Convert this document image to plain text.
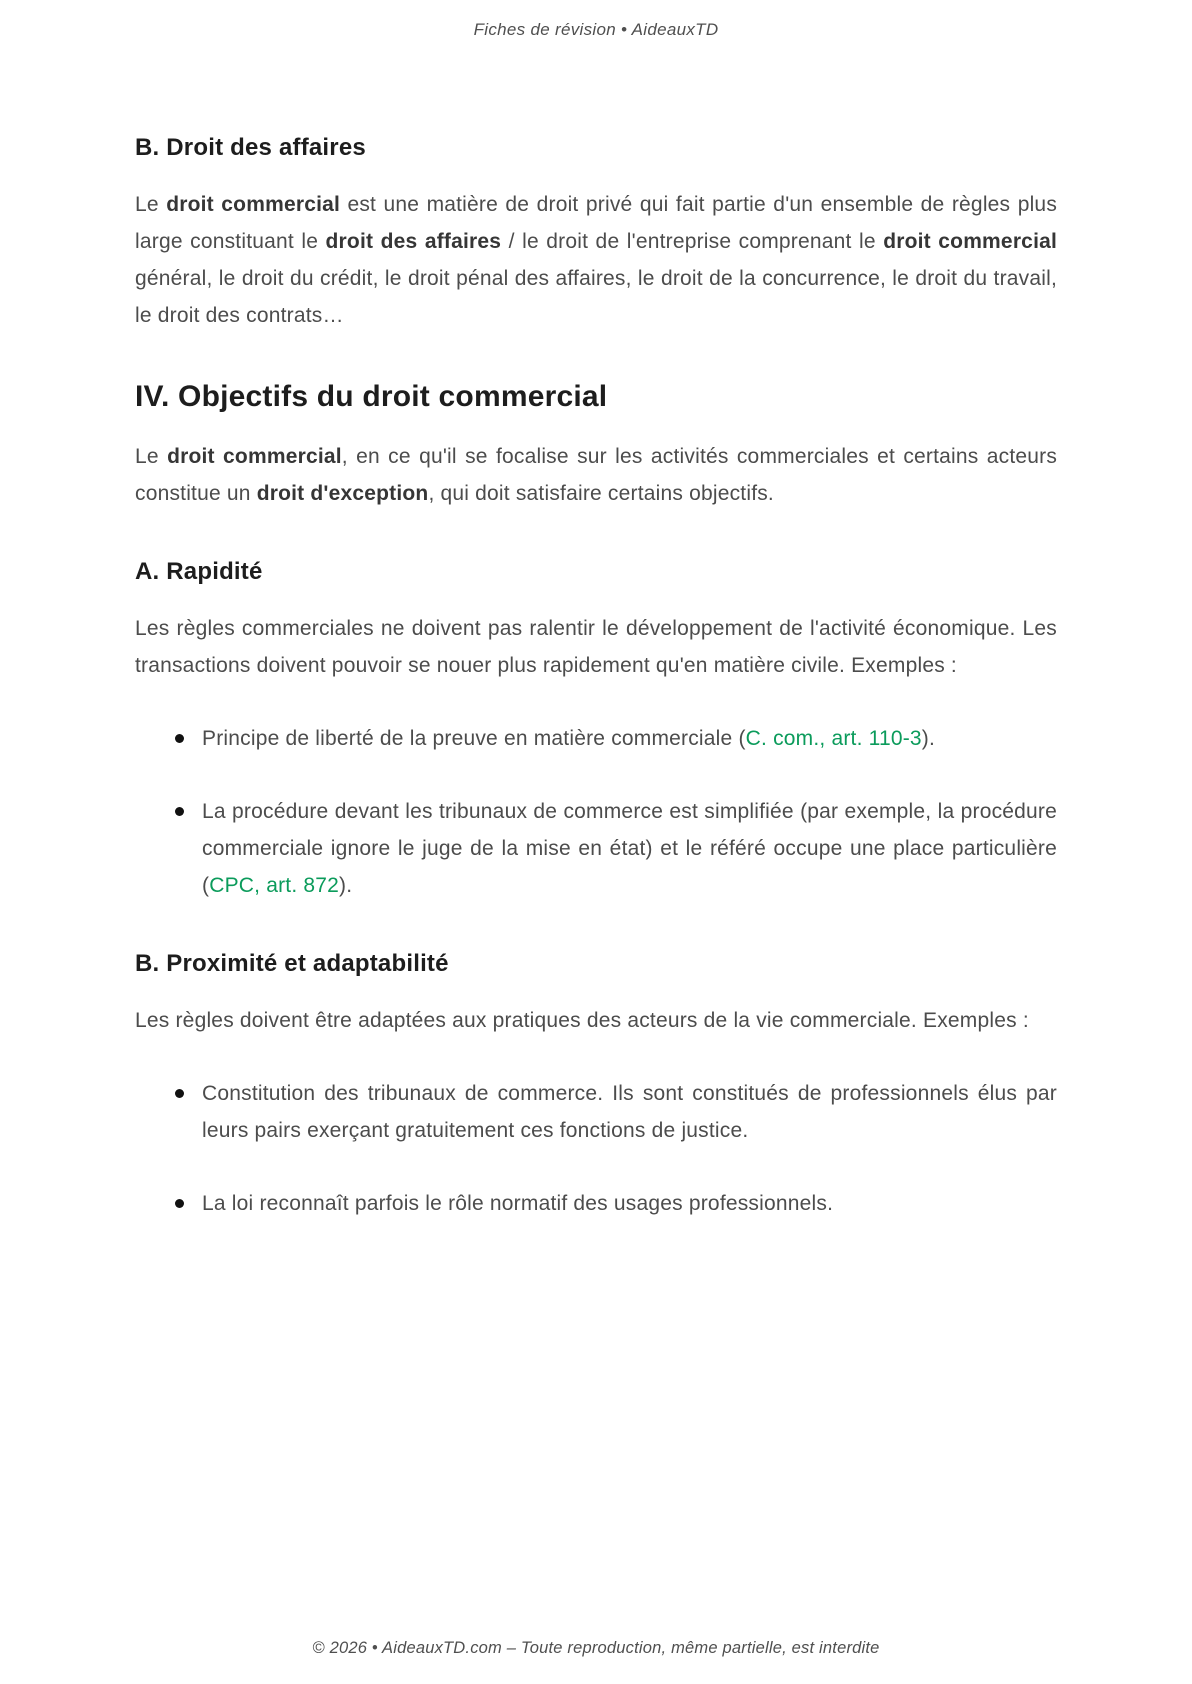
Fiches de révision • AideauxTD
B. Droit des affaires

Le droit commercial est une matière de droit privé qui fait partie d'un ensemble de règles plus large constituant le droit des affaires / le droit de l'entreprise comprenant le droit commercial général, le droit du crédit, le droit pénal des affaires, le droit de la concurrence, le droit du travail, le droit des contrats…

IV. Objectifs du droit commercial

Le droit commercial, en ce qu'il se focalise sur les activités commerciales et certains acteurs constitue un droit d'exception, qui doit satisfaire certains objectifs.

A. Rapidité

Les règles commerciales ne doivent pas ralentir le développement de l'activité économique. Les transactions doivent pouvoir se nouer plus rapidement qu'en matière civile. Exemples :

Principe de liberté de la preuve en matière commerciale (C. com., art. 110-3).
La procédure devant les tribunaux de commerce est simplifiée (par exemple, la procédure commerciale ignore le juge de la mise en état) et le référé occupe une place particulière (CPC, art. 872).
B. Proximité et adaptabilité

Les règles doivent être adaptées aux pratiques des acteurs de la vie commerciale. Exemples :

Constitution des tribunaux de commerce. Ils sont constitués de professionnels élus par leurs pairs exerçant gratuitement ces fonctions de justice.
La loi reconnaît parfois le rôle normatif des usages professionnels.
© 2026 • AideauxTD.com – Toute reproduction, même partielle, est interdite
